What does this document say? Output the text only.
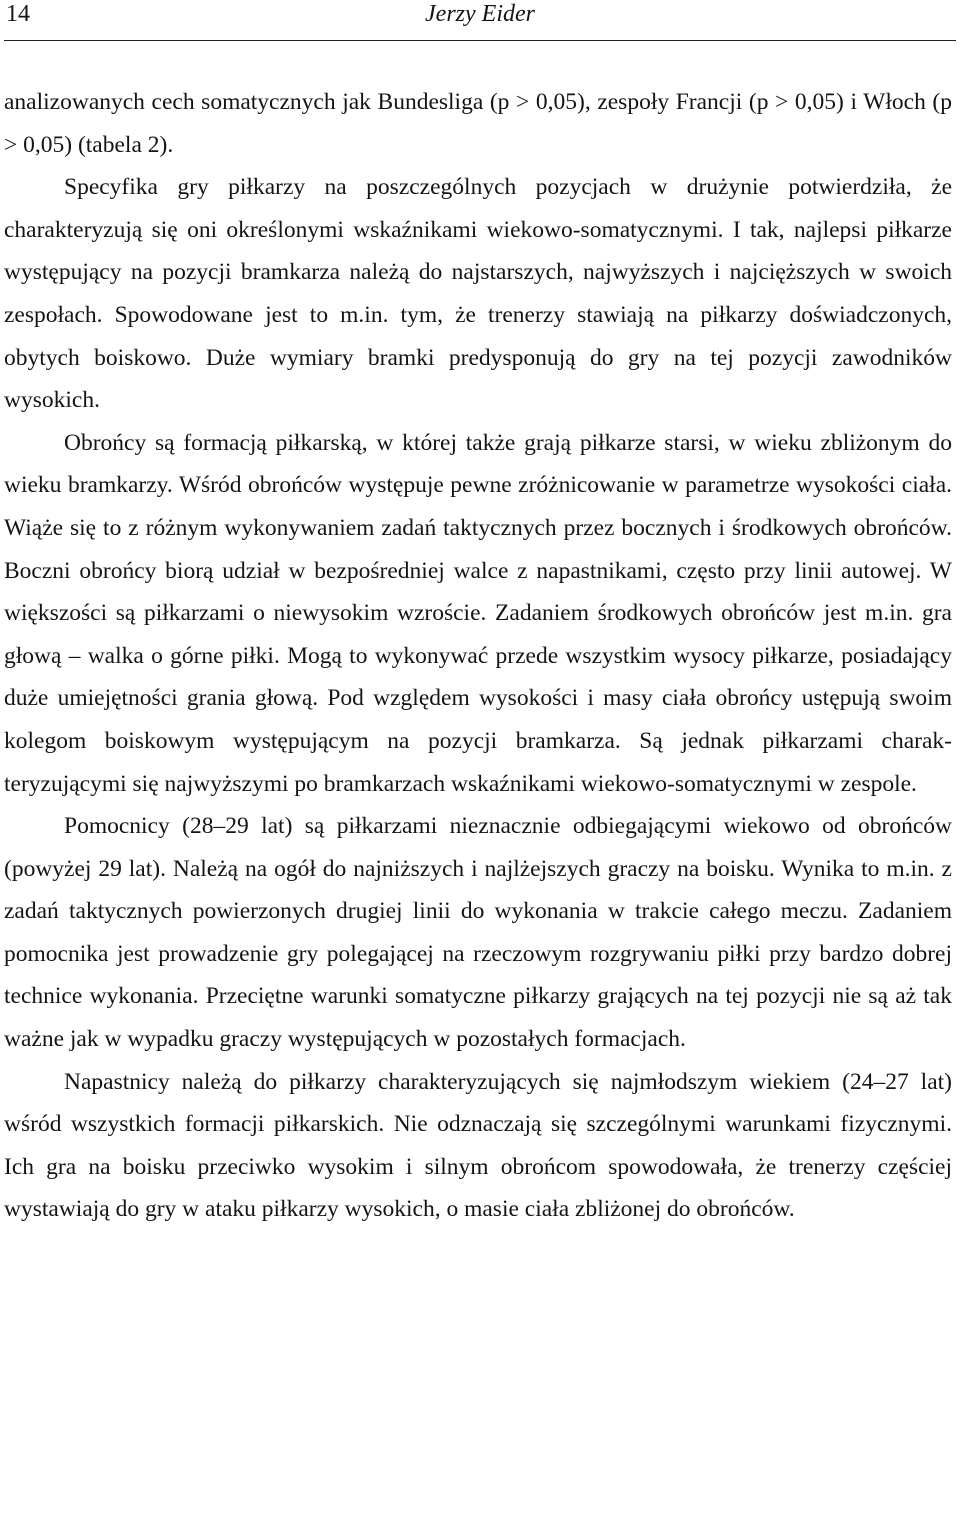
14	Jerzy Eider

analizowanych cech somatycznych jak Bundesliga (p > 0,05), zespoły Francji (p > 0,05) i Włoch (p > 0,05) (tabela 2).

Specyfika gry piłkarzy na poszczególnych pozycjach w drużynie potwierdziła, że charakteryzują się oni określonymi wskaźnikami wiekowo-somatycznymi. I tak, najlepsi piłkarze występujący na pozycji bramkarza należą do najstarszych, najwyższych i najcięższych w swoich zespołach. Spowodowane jest to m.in. tym, że trenerzy stawiają na piłkarzy doświadczonych, obytych boiskowo. Duże wymiary bramki predysponują do gry na tej pozycji zawodników wysokich.

Obrońcy są formacją piłkarską, w której także grają piłkarze starsi, w wieku zbliżonym do wieku bramkarzy. Wśród obrońców występuje pewne zróżnicowanie w parametrze wysokości ciała. Wiąże się to z różnym wykonywaniem zadań taktycznych przez bocznych i środkowych obrońców. Boczni obrońcy biorą udział w bezpośredniej walce z napastnikami, często przy linii autowej. W większości są piłkarzami o niewysokim wzroście. Zadaniem środkowych obrońców jest m.in. gra głową – walka o górne piłki. Mogą to wykonywać przede wszystkim wysocy piłkarze, posiadający duże umiejętności grania głową. Pod względem wysokości i masy ciała obrońcy ustępują swoim kolegom boiskowym występującym na pozycji bramkarza. Są jednak piłkarzami charakteryzującymi się najwyższymi po bramkarzach wskaźnikami wiekowo-somatycznymi w zespole.

Pomocnicy (28–29 lat) są piłkarzami nieznacznie odbiegającymi wiekowo od obrońców (powyżej 29 lat). Należą na ogół do najniższych i najlżejszych graczy na boisku. Wynika to m.in. z zadań taktycznych powierzonych drugiej linii do wykonania w trakcie całego meczu. Zadaniem pomocnika jest prowadzenie gry polegającej na rzeczowym rozgrywaniu piłki przy bardzo dobrej technice wykonania. Przeciętne warunki somatyczne piłkarzy grających na tej pozycji nie są aż tak ważne jak w wypadku graczy występujących w pozostałych formacjach.

Napastnicy należą do piłkarzy charakteryzujących się najmłodszym wiekiem (24–27 lat) wśród wszystkich formacji piłkarskich. Nie odznaczają się szczególnymi warunkami fizycznymi. Ich gra na boisku przeciwko wysokim i silnym obrońcom spowodowała, że trenerzy częściej wystawiają do gry w ataku piłkarzy wysokich, o masie ciała zbliżonej do obrońców.
